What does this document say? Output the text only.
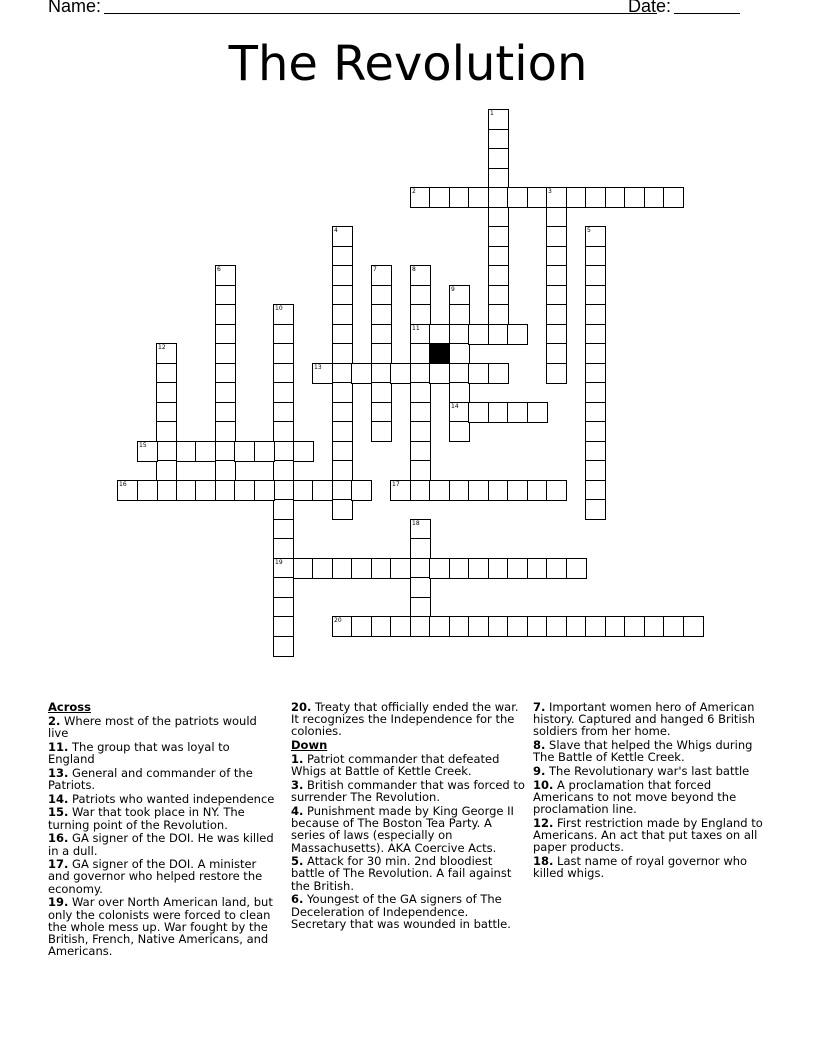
Name:	Date:
The Revolution
1
2	3
4	5
6	7	8
11
9
14
10
19
12
13
15
16	17
18
20
Across

2. Where most of the patriots would live

11. The group that was loyal to England

13. General and commander of the Patriots.

14. Patriots who wanted independence

15. War that took place in NY. The turning point of the Revolution.

16. GA signer of the DOI. He was killed in a dull.

17. GA signer of the DOI. A minister and governor who helped restore the economy.

19. War over North American land, but only the colonists were forced to clean the whole mess up. War fought by the British, French, Native Americans, and Americans.

20. Treaty that officially ended the war. It recognizes the Independence for the colonies.

Down

1. Patriot commander that defeated Whigs at Battle of Kettle Creek.

3. British commander that was forced to surrender The Revolution.

4. Punishment made by King George II because of The Boston Tea Party. A series of laws (especially on Massachusetts). AKA Coercive Acts.

5. Attack for 30 min. 2nd bloodiest battle of The Revolution. A fail against the British.

6. Youngest of the GA signers of The Deceleration of Independence. Secretary that was wounded in battle.

7. Important women hero of American history. Captured and hanged 6 British soldiers from her home.

8. Slave that helped the Whigs during The Battle of Kettle Creek.

9. The Revolutionary war's last battle

10. A proclamation that forced Americans to not move beyond the proclamation line.

12. First restriction made by England to Americans. An act that put taxes on all paper products.

18. Last name of royal governor who killed whigs.
